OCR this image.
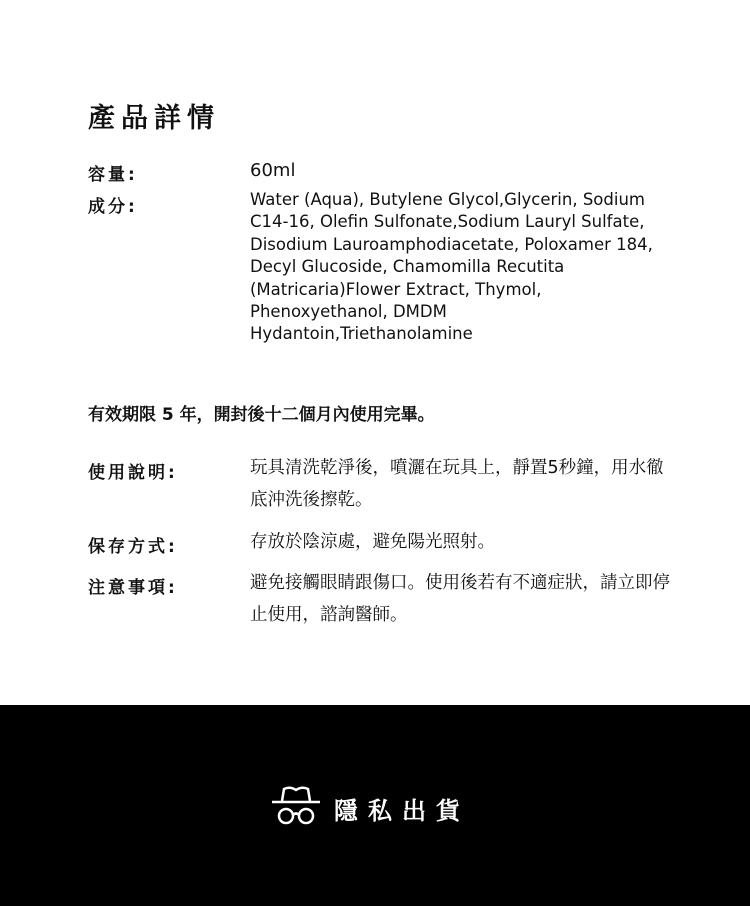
產品詳情
容量:	60ml
成分:	Water (Aqua), Butylene Glycol,Glycerin, Sodium C14-16, Olefin Sulfonate,Sodium Lauryl Sulfate, Disodium Lauroamphodiacetate, Poloxamer 184, Decyl Glucoside, Chamomilla Recutita (Matricaria)Flower Extract, Thymol, Phenoxyethanol, DMDM Hydantoin,Triethanolamine
有效期限 5 年，開封後十二個月內使用完畢。
使用說明:	玩具清洗乾淨後，噴灑在玩具上，靜置5秒鐘，用水徹底沖洗後擦乾。
保存方式:	存放於陰涼處，避免陽光照射。
注意事項:	避免接觸眼睛跟傷口。使用後若有不適症狀，請立即停止使用，諮詢醫師。
隱私出貨
